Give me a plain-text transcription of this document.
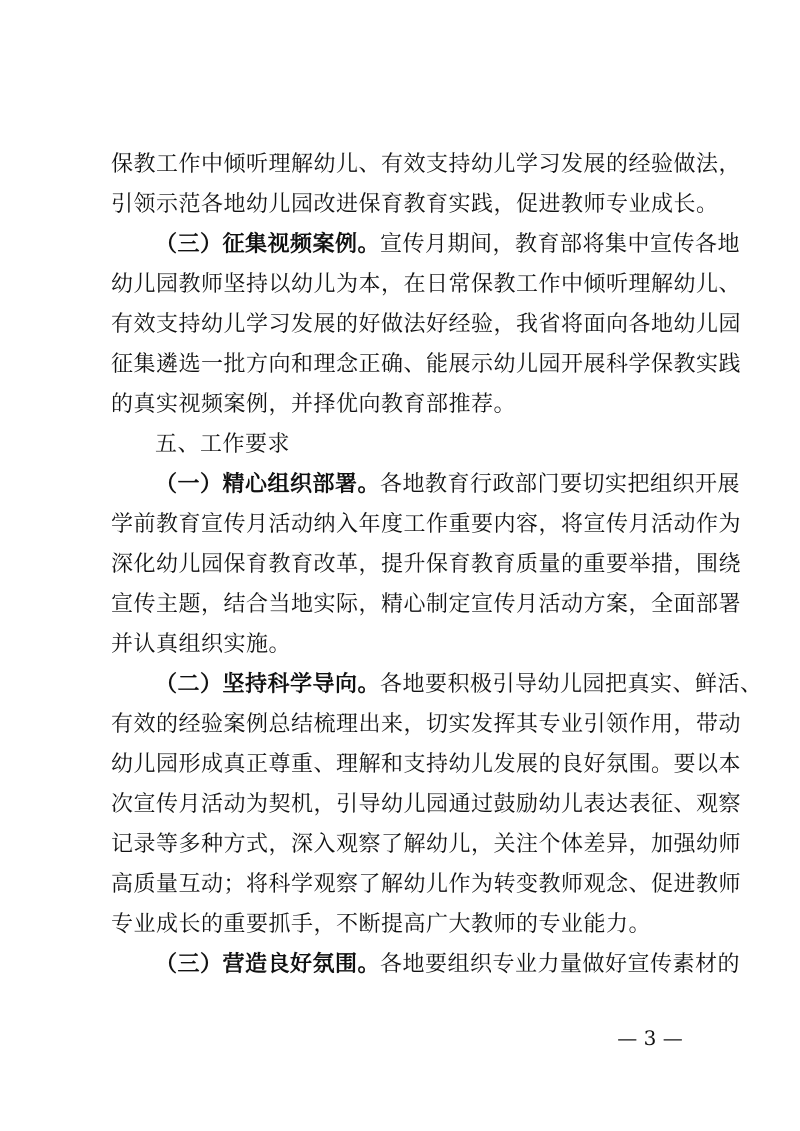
保教工作中倾听理解幼儿、有效支持幼儿学习发展的经验做法，
引领示范各地幼儿园改进保育教育实践，促进教师专业成长。
（三）征集视频案例。宣传月期间，教育部将集中宣传各地
幼儿园教师坚持以幼儿为本，在日常保教工作中倾听理解幼儿、
有效支持幼儿学习发展的好做法好经验，我省将面向各地幼儿园
征集遴选一批方向和理念正确、能展示幼儿园开展科学保教实践
的真实视频案例，并择优向教育部推荐。
五、工作要求
（一）精心组织部署。各地教育行政部门要切实把组织开展
学前教育宣传月活动纳入年度工作重要内容，将宣传月活动作为
深化幼儿园保育教育改革，提升保育教育质量的重要举措，围绕
宣传主题，结合当地实际，精心制定宣传月活动方案，全面部署
并认真组织实施。
（二）坚持科学导向。各地要积极引导幼儿园把真实、鲜活、
有效的经验案例总结梳理出来，切实发挥其专业引领作用，带动
幼儿园形成真正尊重、理解和支持幼儿发展的良好氛围。要以本
次宣传月活动为契机，引导幼儿园通过鼓励幼儿表达表征、观察
记录等多种方式，深入观察了解幼儿，关注个体差异，加强幼师
高质量互动；将科学观察了解幼儿作为转变教师观念、促进教师
专业成长的重要抓手，不断提高广大教师的专业能力。
（三）营造良好氛围。各地要组织专业力量做好宣传素材的
— 3 —
